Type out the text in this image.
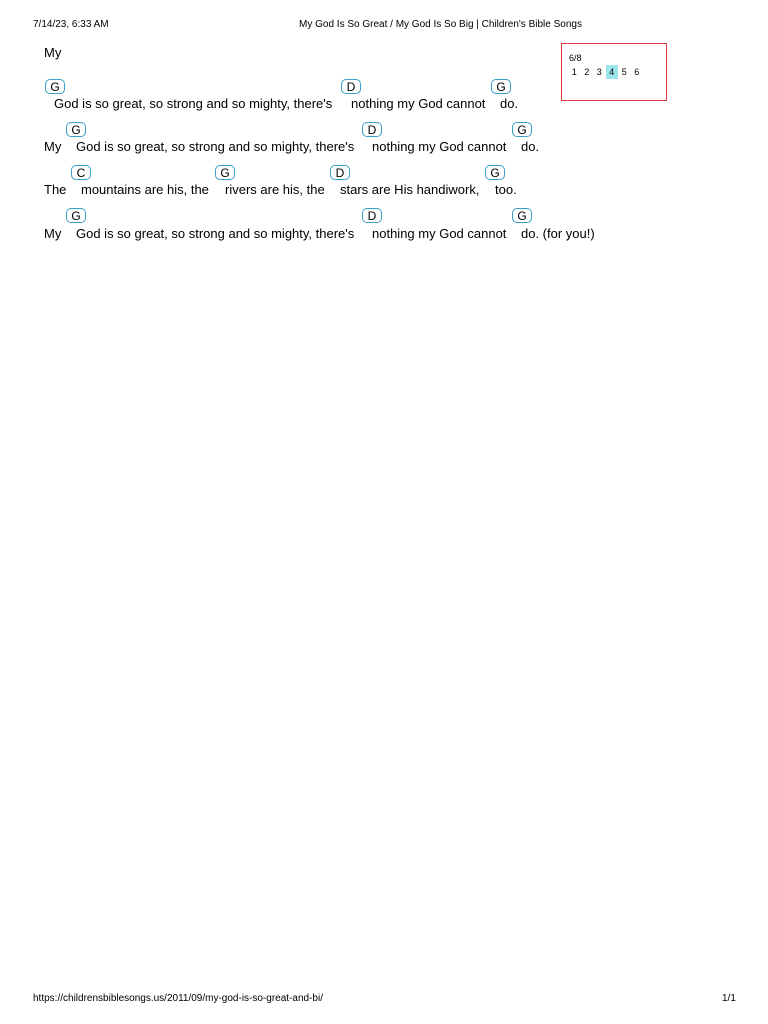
7/14/23, 6:33 AM	My God Is So Great / My God Is So Big | Children's Bible Songs
6/8
1 2 3 4 5 6
My
G	D	G
God is so great, so strong and so mighty, there's nothing my God cannot do.
G	D	G
My God is so great, so strong and so mighty, there's nothing my God cannot do.
C	G	D	G
The mountains are his, the rivers are his, the stars are His handiwork, too.
G	D	G
My God is so great, so strong and so mighty, there's nothing my God cannot do. (for you!)
https://childrensbiblesongs.us/2011/09/my-god-is-so-great-and-bi/	1/1
